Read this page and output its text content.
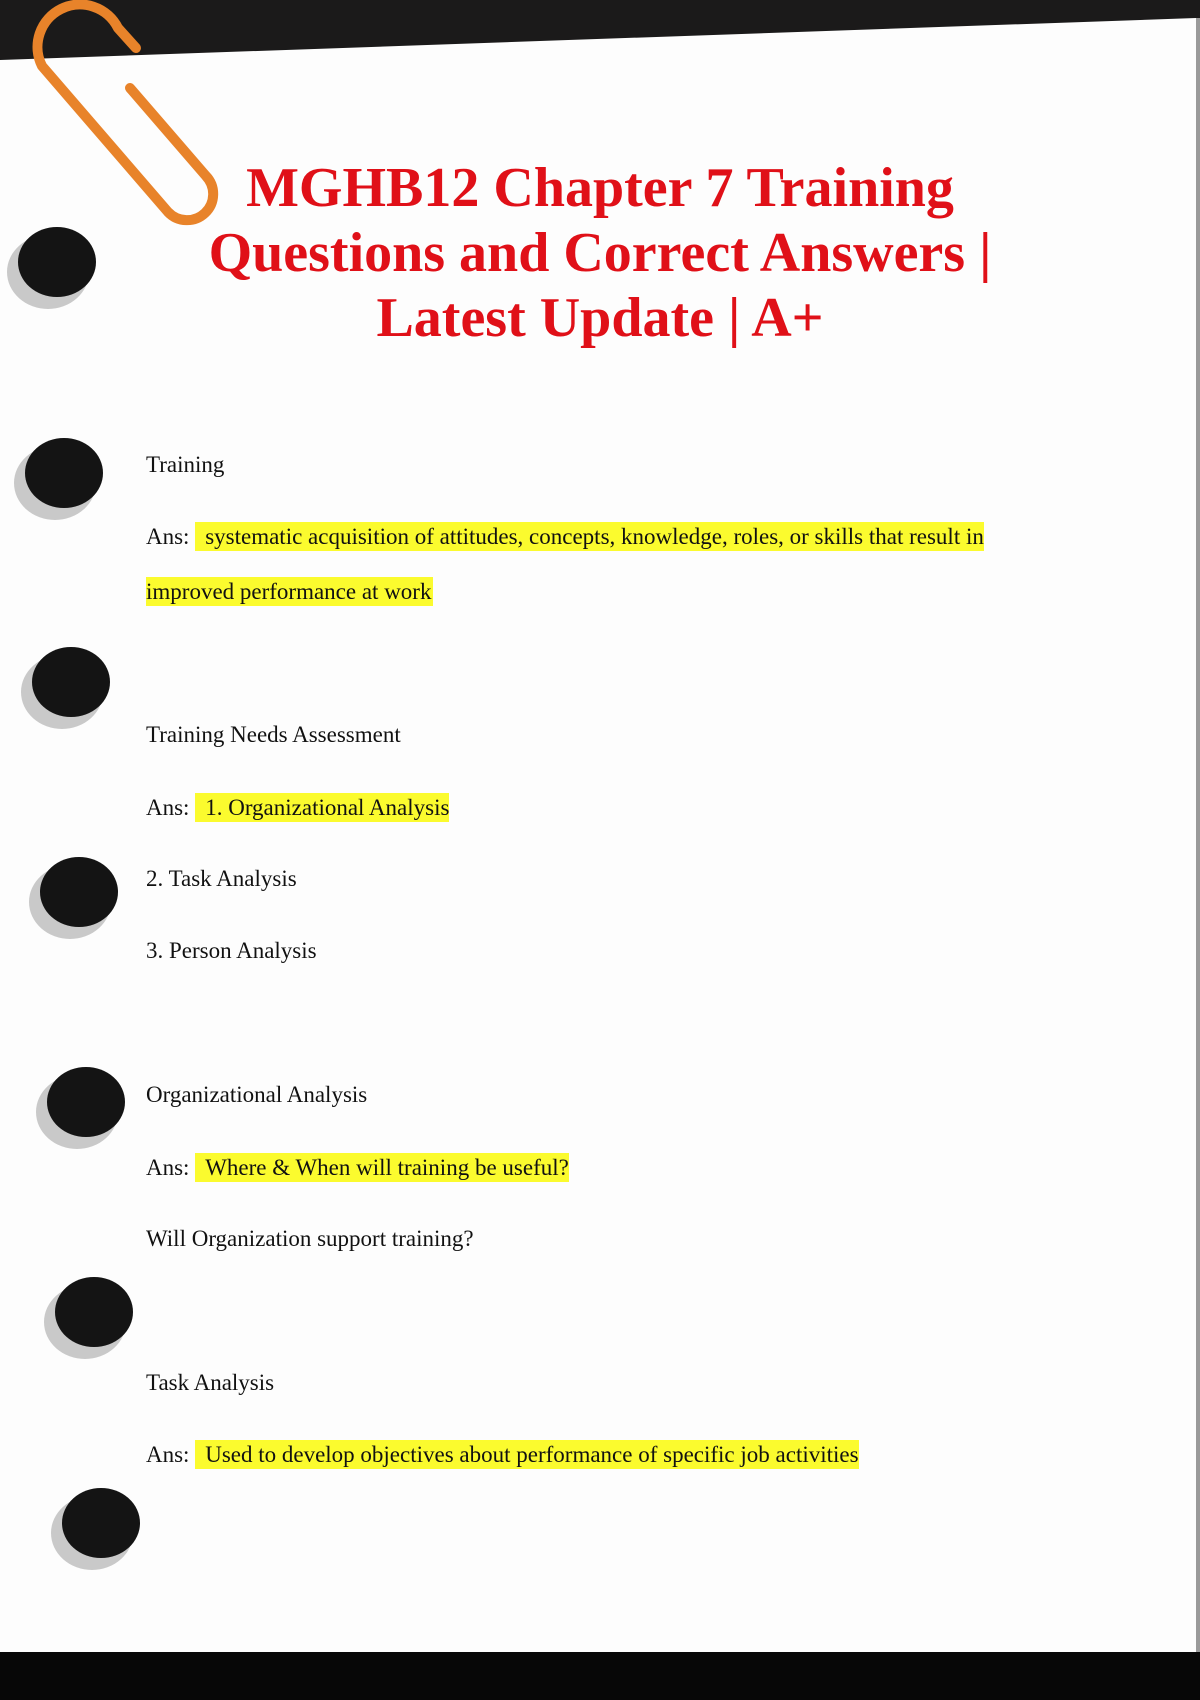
MGHB12 Chapter 7 Training Questions and Correct Answers | Latest Update | A+
Training
Ans: systematic acquisition of attitudes, concepts, knowledge, roles, or skills that result in
improved performance at work
Training Needs Assessment
Ans: 1. Organizational Analysis
2. Task Analysis
3. Person Analysis
Organizational Analysis
Ans: Where & When will training be useful?
Will Organization support training?
Task Analysis
Ans: Used to develop objectives about performance of specific job activities
